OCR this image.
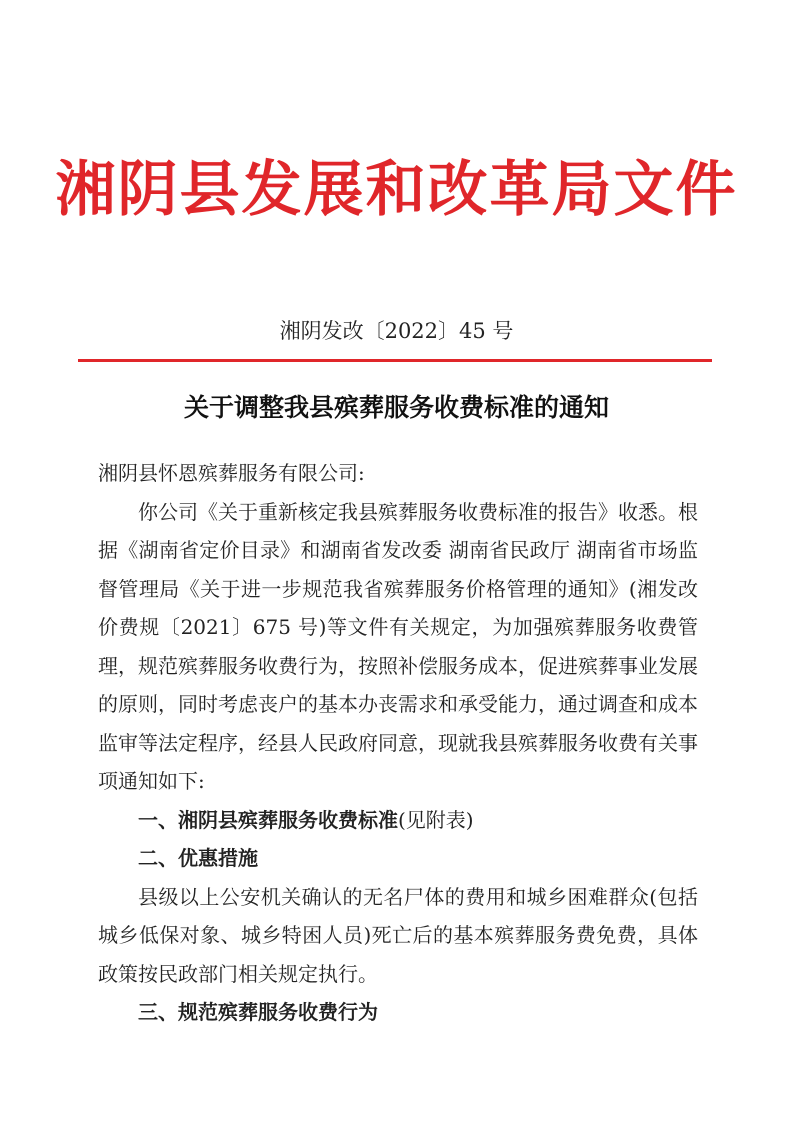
湘阴县发展和改革局文件
湘阴发改〔2022〕45 号
关于调整我县殡葬服务收费标准的通知

湘阴县怀恩殡葬服务有限公司:

你公司《关于重新核定我县殡葬服务收费标准的报告》收悉。根据《湖南省定价目录》和湖南省发改委 湖南省民政厅 湖南省市场监督管理局《关于进一步规范我省殡葬服务价格管理的通知》(湘发改价费规〔2021〕675 号)等文件有关规定，为加强殡葬服务收费管理，规范殡葬服务收费行为，按照补偿服务成本，促进殡葬事业发展的原则，同时考虑丧户的基本办丧需求和承受能力，通过调查和成本监审等法定程序，经县人民政府同意，现就我县殡葬服务收费有关事项通知如下:

一、湘阴县殡葬服务收费标准(见附表)

二、优惠措施

县级以上公安机关确认的无名尸体的费用和城乡困难群众(包括城乡低保对象、城乡特困人员)死亡后的基本殡葬服务费免费，具体政策按民政部门相关规定执行。

三、规范殡葬服务收费行为
